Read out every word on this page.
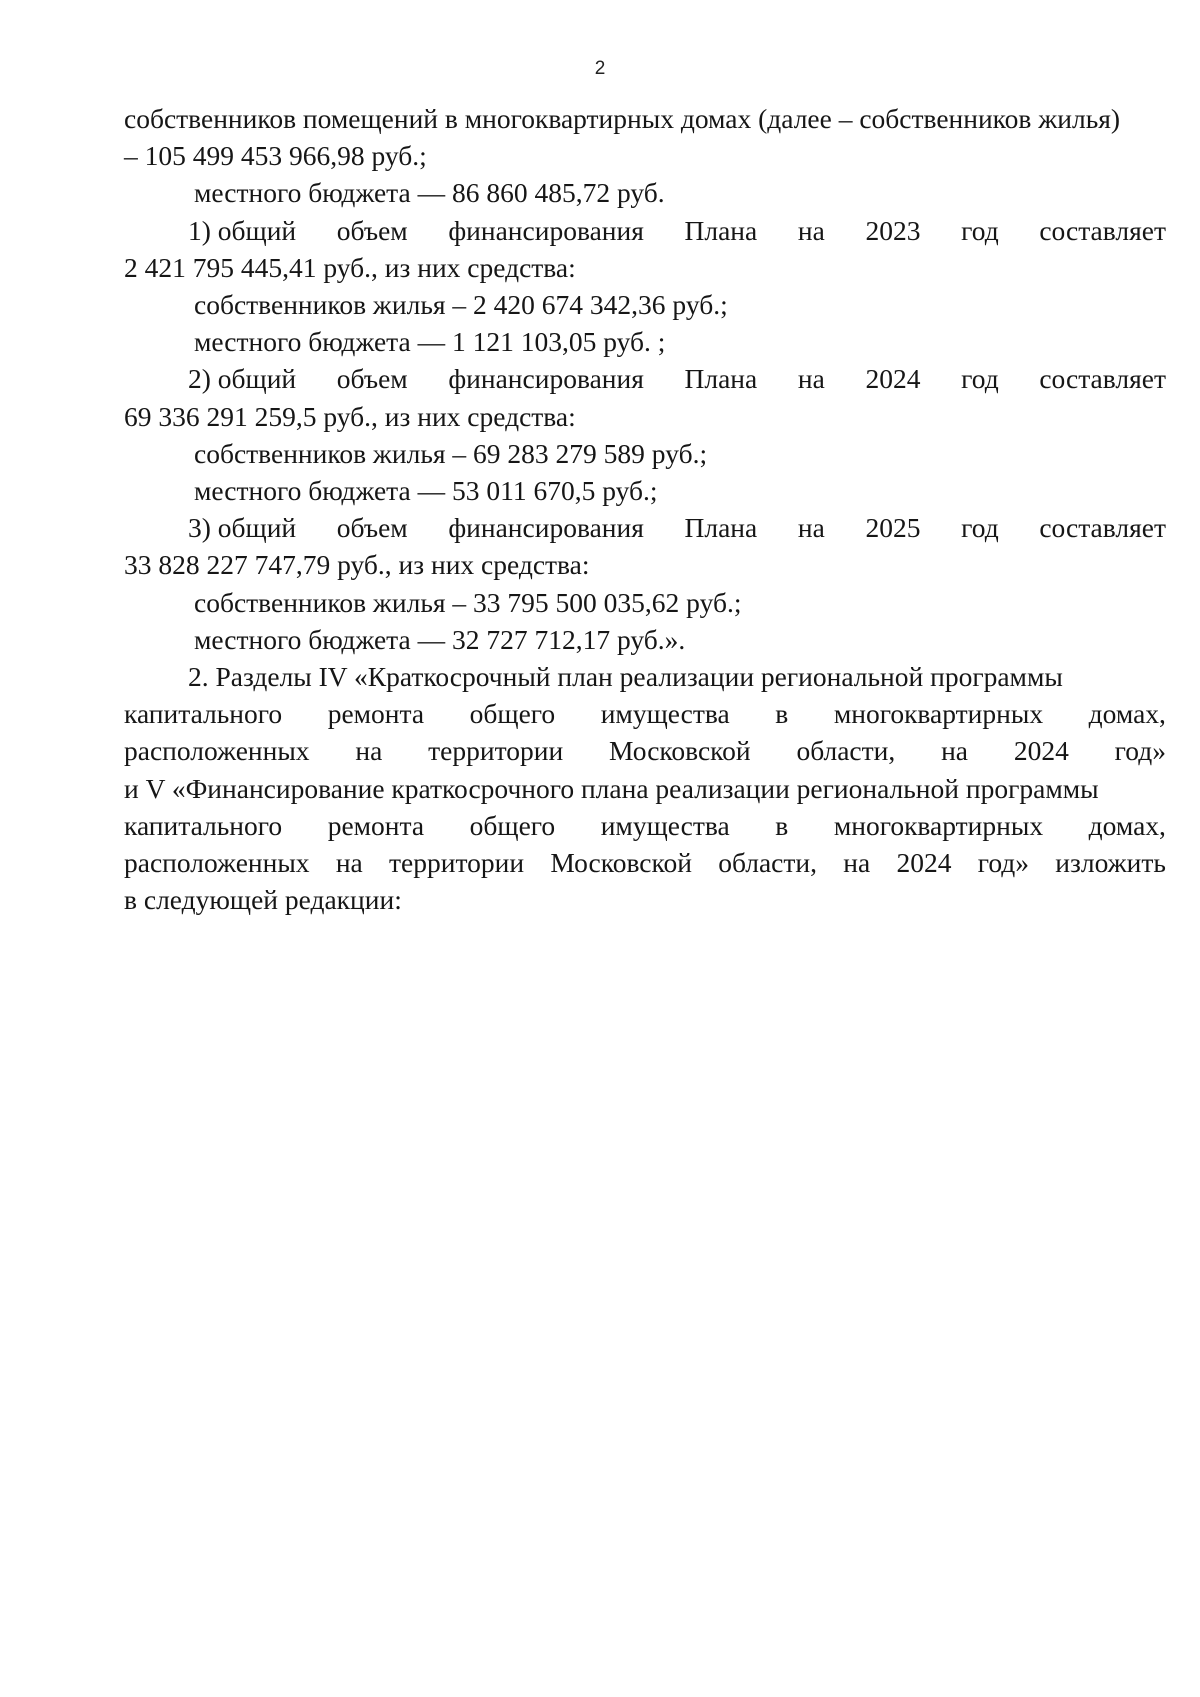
2
собственников помещений в многоквартирных домах (далее – собственников жилья)
– 105 499 453 966,98 руб.;
местного бюджета — 86 860 485,72 руб.
1) общий объем финансирования Плана на 2023 год составляет
2 421 795 445,41 руб., из них средства:
собственников жилья – 2 420 674 342,36 руб.;
местного бюджета — 1 121 103,05 руб. ;
2) общий объем финансирования Плана на 2024 год составляет
69 336 291 259,5 руб., из них средства:
собственников жилья – 69 283 279 589 руб.;
местного бюджета — 53 011 670,5 руб.;
3) общий объем финансирования Плана на 2025 год составляет
33 828 227 747,79 руб., из них средства:
собственников жилья – 33 795 500 035,62 руб.;
местного бюджета — 32 727 712,17 руб.».
2. Разделы IV «Краткосрочный план реализации региональной программы
капитального ремонта общего имущества в многоквартирных домах,
расположенных на территории Московской области, на 2024 год»
и V «Финансирование краткосрочного плана реализации региональной программы
капитального ремонта общего имущества в многоквартирных домах,
расположенных на территории Московской области, на 2024 год» изложить
в следующей редакции:
